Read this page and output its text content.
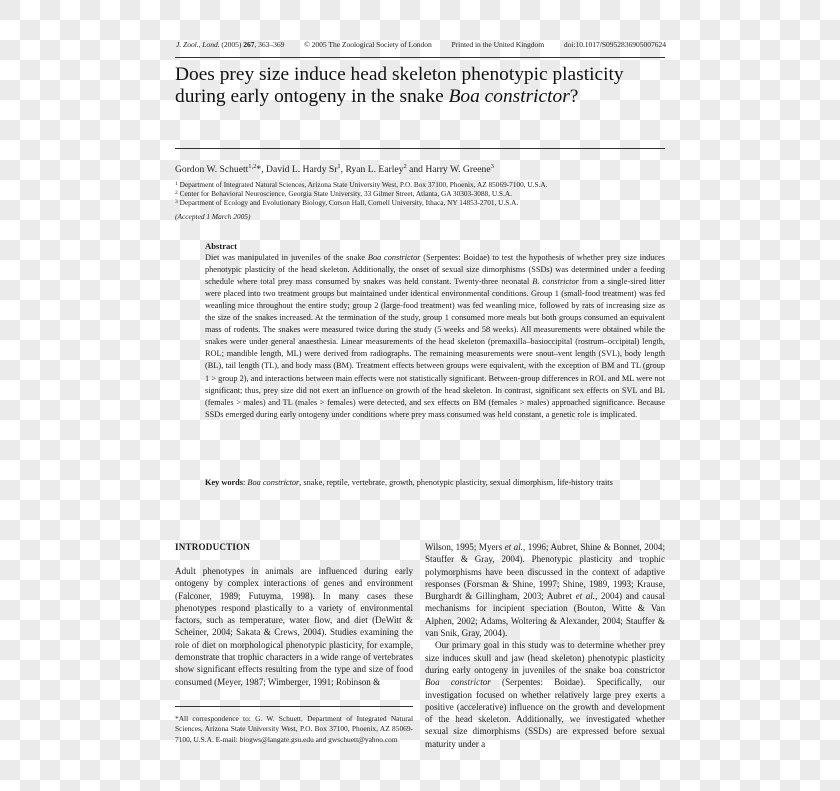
J. Zool., Lond. (2005) 267, 363–369	© 2005 The Zoological Society of London	Printed in the United Kingdom	doi:10.1017/S0952836905007624
Does prey size induce head skeleton phenotypic plasticity during early ontogeny in the snake Boa constrictor?
Gordon W. Schuett$^{1,2}$*, David L. Hardy Sr$^1$, Ryan L. Earley$^2$ and Harry W. Greene$^3$
$^1$ Department of Integrated Natural Sciences, Arizona State University West, P.O. Box 37100, Phoenix, AZ 85069-7100, U.S.A.
$^2$ Center for Behavioral Neuroscience, Georgia State University, 33 Gilmer Street, Atlanta, GA 30303-3088, U.S.A.
$^3$ Department of Ecology and Evolutionary Biology, Corson Hall, Cornell University, Ithaca, NY 14853-2701, U.S.A.
(Accepted 1 March 2005)
Abstract
Diet was manipulated in juveniles of the snake Boa constrictor (Serpentes: Boidae) to test the hypothesis of whether prey size induces phenotypic plasticity of the head skeleton. Additionally, the onset of sexual size dimorphisms (SSDs) was determined under a feeding schedule where total prey mass consumed by snakes was held constant. Twenty-three neonatal B. constrictor from a single-sired litter were placed into two treatment groups but maintained under identical environmental conditions. Group 1 (small-food treatment) was fed weanling mice throughout the entire study; group 2 (large-food treatment) was fed weanling mice, followed by rats of increasing size as the size of the snakes increased. At the termination of the study, group 1 consumed more meals but both groups consumed an equivalent mass of rodents. The snakes were measured twice during the study (5 weeks and 58 weeks). All measurements were obtained while the snakes were under general anaesthesia. Linear measurements of the head skeleton (premaxilla–basioccipital (rostrum–occipital) length, ROL; mandible length, ML) were derived from radiographs. The remaining measurements were snout–vent length (SVL), body length (BL), tail length (TL), and body mass (BM). Treatment effects between groups were equivalent, with the exception of BM and TL (group 1 > group 2), and interactions between main effects were not statistically significant. Between-group differences in ROL and ML were not significant; thus, prey size did not exert an influence on growth of the head skeleton. In contrast, significant sex effects on SVL and BL (females > males) and TL (males > females) were detected, and sex effects on BM (females > males) approached significance. Because SSDs emerged during early ontogeny under conditions where prey mass consumed was held constant, a genetic role is implicated.
Key words: Boa constrictor, snake, reptile, vertebrate, growth, phenotypic plasticity, sexual dimorphism, life-history traits
INTRODUCTION
Adult phenotypes in animals are influenced during early ontogeny by complex interactions of genes and environment (Falconer, 1989; Futuyma, 1998). In many cases these phenotypes respond plastically to a variety of environmental factors, such as temperature, water flow, and diet (DeWitt & Scheiner, 2004; Sakata & Crews, 2004). Studies examining the role of diet on morphological phenotypic plasticity, for example, demonstrate that trophic characters in a wide range of vertebrates show significant effects resulting from the type and size of food consumed (Meyer, 1987; Wimberger, 1991; Robinson &
*All correspondence to: G. W. Schuett, Department of Integrated Natural Sciences, Arizona State University West, P.O. Box 37100, Phoenix, AZ 85069-7100, U.S.A. E-mail: biogws@langate.gsu.edu and gwschuett@yahoo.com
Wilson, 1995; Myers et al., 1996; Aubret, Shine & Bonnet, 2004; Stauffer & Gray, 2004). Phenotypic plasticity and trophic polymorphisms have been discussed in the context of adaptive responses (Forsman & Shine, 1997; Shine, 1989, 1993; Krause, Burghardt & Gillingham, 2003; Aubret et al., 2004) and causal mechanisms for incipient speciation (Bouton, Witte & Van Alphen, 2002; Adams, Woltering & Alexander, 2004; Stauffer & van Snik, Gray, 2004).
Our primary goal in this study was to determine whether prey size induces skull and jaw (head skeleton) phenotypic plasticity during early ontogeny in juveniles of the snake boa constrictor Boa constrictor (Serpentes: Boidae). Specifically, our investigation focused on whether relatively large prey exerts a positive (accelerative) influence on the growth and development of the head skeleton. Additionally, we investigated whether sexual size dimorphisms (SSDs) are expressed before sexual maturity under a
